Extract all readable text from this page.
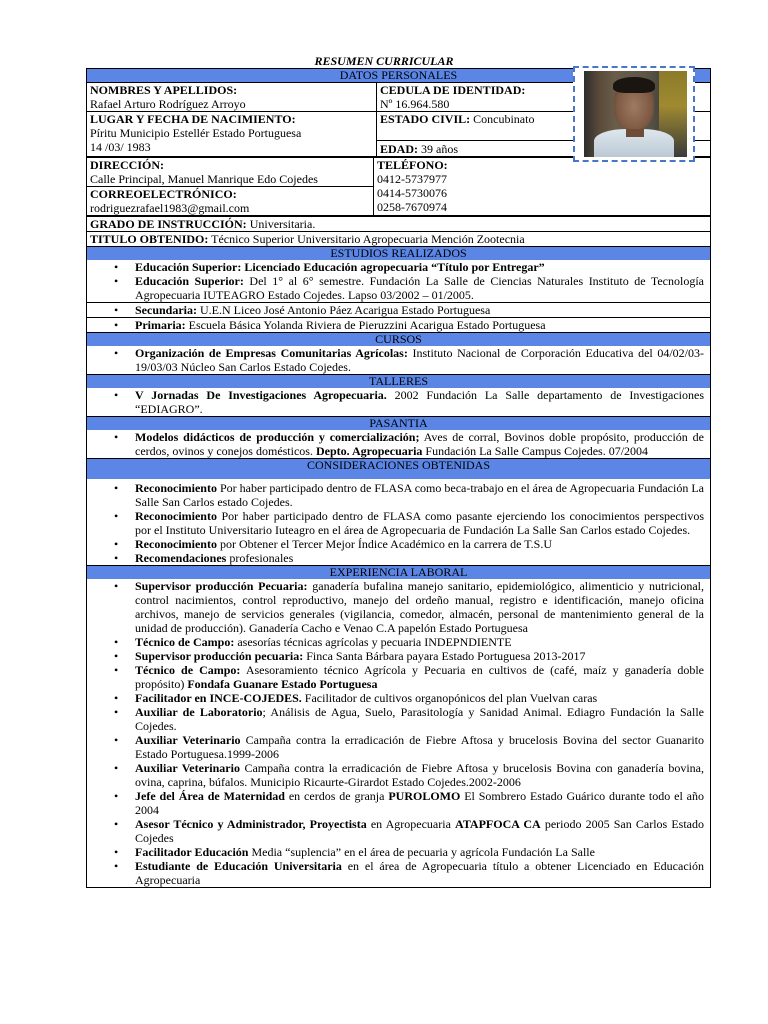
RESUMEN CURRICULAR
DATOS PERSONALES
NOMBRES Y APELLIDOS:
Rafael Arturo Rodríguez Arroyo
CEDULA DE IDENTIDAD:
Nº 16.964.580
LUGAR Y FECHA DE NACIMIENTO:
Píritu Municipio Estellér Estado Portuguesa
14 /03/ 1983
ESTADO CIVIL: Concubinato
EDAD: 39 años
DIRECCIÓN:
Calle Principal, Manuel Manrique Edo Cojedes
CORREOELECTRÓNICO:
rodriguezrafael1983@gmail.com
TELÉFONO:
0412-5737977
0414-5730076
0258-7670974
GRADO DE INSTRUCCIÓN: Universitaria.
TITULO OBTENIDO: Técnico Superior Universitario Agropecuaria Mención Zootecnia
ESTUDIOS REALIZADOS
• Educación Superior: Licenciado Educación agropecuaria “Título por Entregar”
• Educación Superior: Del 1° al 6° semestre. Fundación La Salle de Ciencias Naturales Instituto de Tecnología Agropecuaria IUTEAGRO Estado Cojedes. Lapso 03/2002 – 01/2005.
• Secundaria: U.E.N Liceo José Antonio Páez Acarigua Estado Portuguesa
• Primaria: Escuela Básica Yolanda Riviera de Pieruzzini Acarigua Estado Portuguesa
CURSOS
• Organización de Empresas Comunitarias Agrícolas: Instituto Nacional de Corporación Educativa del 04/02/03-19/03/03 Núcleo San Carlos Estado Cojedes.
TALLERES
• V Jornadas De Investigaciones Agropecuaria. 2002 Fundación La Salle departamento de Investigaciones “EDIAGRO”.
PASANTIA
• Modelos didácticos de producción y comercialización; Aves de corral, Bovinos doble propósito, producción de cerdos, ovinos y conejos domésticos. Depto. Agropecuaria Fundación La Salle Campus Cojedes. 07/2004
CONSIDERACIONES OBTENIDAS
• Reconocimiento Por haber participado dentro de FLASA como beca-trabajo en el área de Agropecuaria Fundación La Salle San Carlos estado Cojedes.
• Reconocimiento Por haber participado dentro de FLASA como pasante ejerciendo los conocimientos perspectivos por el Instituto Universitario Iuteagro en el área de Agropecuaria de Fundación La Salle San Carlos estado Cojedes.
• Reconocimiento por Obtener el Tercer Mejor Índice Académico en la carrera de T.S.U
• Recomendaciones profesionales
EXPERIENCIA LABORAL
• Supervisor producción Pecuaria: ganadería bufalina manejo sanitario, epidemiológico, alimenticio y nutricional, control nacimientos, control reproductivo, manejo del ordeño manual, registro e identificación, manejo oficina archivos, manejo de servicios generales (vigilancia, comedor, almacén, personal de mantenimiento general de la unidad de producción). Ganadería Cacho e Venao C.A papelón Estado Portuguesa
• Técnico de Campo: asesorías técnicas agrícolas y pecuaria INDEPNDIENTE
• Supervisor producción pecuaria: Finca Santa Bárbara payara Estado Portuguesa 2013-2017
• Técnico de Campo: Asesoramiento técnico Agrícola y Pecuaria en cultivos de (café, maíz y ganadería doble propósito) Fondafa Guanare Estado Portuguesa
• Facilitador en INCE-COJEDES. Facilitador de cultivos organopónicos del plan Vuelvan caras
• Auxiliar de Laboratorio; Análisis de Agua, Suelo, Parasitología y Sanidad Animal. Ediagro Fundación la Salle Cojedes.
• Auxiliar Veterinario Campaña contra la erradicación de Fiebre Aftosa y brucelosis Bovina del sector Guanarito Estado Portuguesa.1999-2006
• Auxiliar Veterinario Campaña contra la erradicación de Fiebre Aftosa y brucelosis Bovina con ganadería bovina, ovina, caprina, búfalos. Municipio Ricaurte-Girardot Estado Cojedes.2002-2006
• Jefe del Área de Maternidad en cerdos de granja PUROLOMO El Sombrero Estado Guárico durante todo el año 2004
• Asesor Técnico y Administrador, Proyectista en Agropecuaria ATAPFOCA CA periodo 2005 San Carlos Estado Cojedes
• Facilitador Educación Media “suplencia” en el área de pecuaria y agrícola Fundación La Salle
• Estudiante de Educación Universitaria en el área de Agropecuaria título a obtener Licenciado en Educación Agropecuaria
